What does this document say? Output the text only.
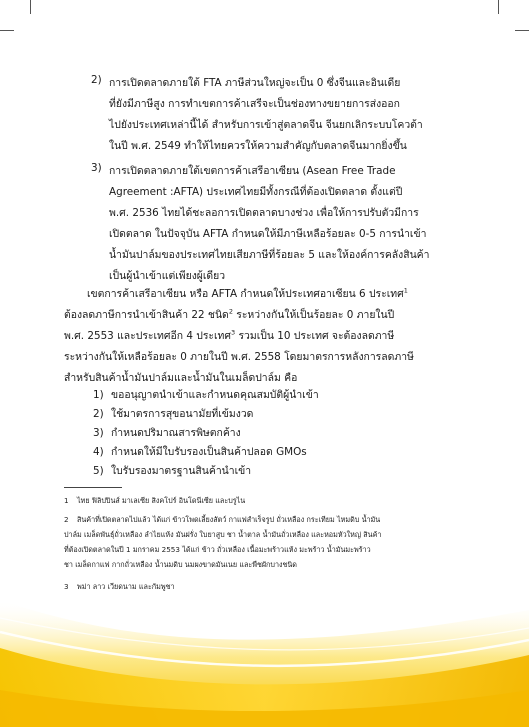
2) การเปิดตลาดภายใต้ FTA ภาษีส่วนใหญ่จะเป็น 0 ซึ่งจีนและอินเดีย
ที่ยังมีภาษีสูง การทำเขตการค้าเสรีจะเป็นช่องทางขยายการส่งออก
ไปยังประเทศเหล่านี้ได้ สำหรับการเข้าสู่ตลาดจีน จีนยกเลิกระบบโควต้า
ในปี พ.ศ. 2549 ทำให้ไทยควรให้ความสำคัญกับตลาดจีนมากยิ่งขึ้น
3) การเปิดตลาดภายใต้เขตการค้าเสรีอาเซียน (Asean Free Trade
Agreement :AFTA) ประเทศไทยมีทั้งกรณีที่ต้องเปิดตลาด ตั้งแต่ปี
พ.ศ. 2536 ไทยได้ชะลอการเปิดตลาดบางช่วง เพื่อให้การปรับตัวมีการ
เปิดตลาด ในปัจจุบัน AFTA กำหนดให้มีภาษีเหลือร้อยละ 0-5 การนำเข้า
น้ำมันปาล์มของประเทศไทยเสียภาษีที่ร้อยละ 5 และให้องค์การคลังสินค้า
เป็นผู้นำเข้าแต่เพียงผู้เดียว
เขตการค้าเสรีอาเซียน หรือ AFTA กำหนดให้ประเทศอาเซียน 6 ประเทศ$^1$
ต้องลดภาษีการนำเข้าสินค้า 22 ชนิด$^2$ ระหว่างกันให้เป็นร้อยละ 0 ภายในปี
พ.ศ. 2553 และประเทศอีก 4 ประเทศ$^3$ รวมเป็น 10 ประเทศ จะต้องลดภาษี
ระหว่างกันให้เหลือร้อยละ 0 ภายในปี พ.ศ. 2558 โดยมาตรการหลังการลดภาษี
สำหรับสินค้าน้ำมันปาล์มและน้ำมันในเมล็ดปาล์ม คือ
1) ขออนุญาตนำเข้าและกำหนดคุณสมบัติผู้นำเข้า
2) ใช้มาตรการสุขอนามัยที่เข้มงวด
3) กำหนดปริมาณสารพิษตกค้าง
4) กำหนดให้มีใบรับรองเป็นสินค้าปลอด GMOs
5) ใบรับรองมาตรฐานสินค้านำเข้า
1 ไทย ฟิลิปปินส์ มาเลเซีย สิงคโปร์ อินโดนีเซีย และบรูไน
2 สินค้าที่เปิดตลาดไปแล้ว ได้แก่ ข้าวโพดเลี้ยงสัตว์ กาแฟสำเร็จรูป ถั่วเหลือง กระเทียม ไหมดิบ น้ำมัน
ปาล์ม เมล็ดพันธุ์ถั่วเหลือง ลำไยแห้ง มันฝรั่ง ใบยาสูบ ชา น้ำตาล น้ำมันถั่วเหลือง และหอมหัวใหญ่ สินค้า
ที่ต้องเปิดตลาดในปี 1 มกราคม 2553 ได้แก่ ข้าว ถั่วเหลือง เนื้อมะพร้าวแห้ง มะพร้าว น้ำมันมะพร้าว
ชา เมล็ดกาแฟ กากถั่วเหลือง น้ำนมดิบ นมผงขาดมันเนย และพืชผักบางชนิด
3 พม่า ลาว เวียดนาม และกัมพูชา
